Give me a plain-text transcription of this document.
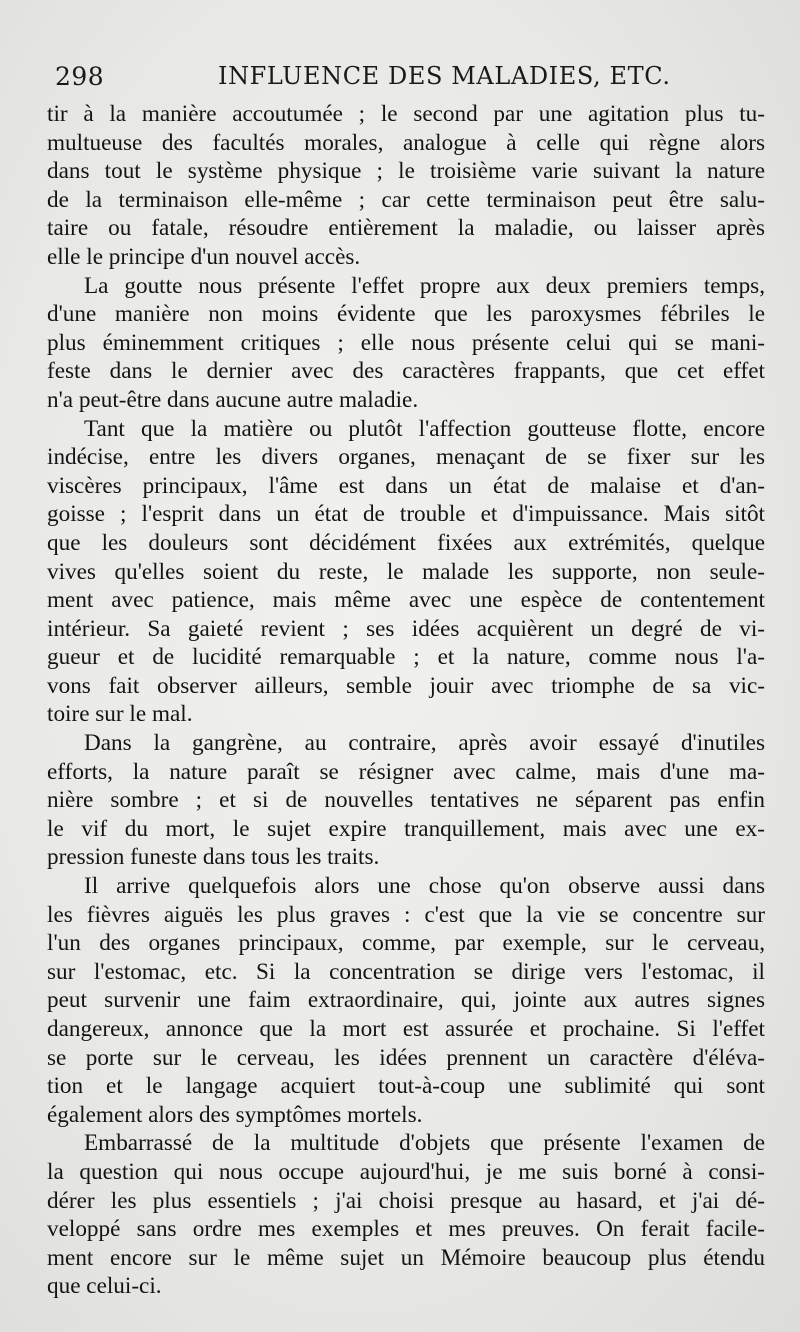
298	INFLUENCE DES MALADIES, ETC.
tir à la manière accoutumée ; le second par une agitation plus tu-
multueuse des facultés morales, analogue à celle qui règne alors
dans tout le système physique ; le troisième varie suivant la nature
de la terminaison elle-même ; car cette terminaison peut être salu-
taire ou fatale, résoudre entièrement la maladie, ou laisser après
elle le principe d'un nouvel accès.
La goutte nous présente l'effet propre aux deux premiers temps,
d'une manière non moins évidente que les paroxysmes fébriles le
plus éminemment critiques ; elle nous présente celui qui se mani-
feste dans le dernier avec des caractères frappants, que cet effet
n'a peut-être dans aucune autre maladie.
Tant que la matière ou plutôt l'affection goutteuse flotte, encore
indécise, entre les divers organes, menaçant de se fixer sur les
viscères principaux, l'âme est dans un état de malaise et d'an-
goisse ; l'esprit dans un état de trouble et d'impuissance. Mais sitôt
que les douleurs sont décidément fixées aux extrémités, quelque
vives qu'elles soient du reste, le malade les supporte, non seule-
ment avec patience, mais même avec une espèce de contentement
intérieur. Sa gaieté revient ; ses idées acquièrent un degré de vi-
gueur et de lucidité remarquable ; et la nature, comme nous l'a-
vons fait observer ailleurs, semble jouir avec triomphe de sa vic-
toire sur le mal.
Dans la gangrène, au contraire, après avoir essayé d'inutiles
efforts, la nature paraît se résigner avec calme, mais d'une ma-
nière sombre ; et si de nouvelles tentatives ne séparent pas enfin
le vif du mort, le sujet expire tranquillement, mais avec une ex-
pression funeste dans tous les traits.
Il arrive quelquefois alors une chose qu'on observe aussi dans
les fièvres aiguës les plus graves : c'est que la vie se concentre sur
l'un des organes principaux, comme, par exemple, sur le cerveau,
sur l'estomac, etc. Si la concentration se dirige vers l'estomac, il
peut survenir une faim extraordinaire, qui, jointe aux autres signes
dangereux, annonce que la mort est assurée et prochaine. Si l'effet
se porte sur le cerveau, les idées prennent un caractère d'éléva-
tion et le langage acquiert tout-à-coup une sublimité qui sont
également alors des symptômes mortels.
Embarrassé de la multitude d'objets que présente l'examen de
la question qui nous occupe aujourd'hui, je me suis borné à consi-
dérer les plus essentiels ; j'ai choisi presque au hasard, et j'ai dé-
veloppé sans ordre mes exemples et mes preuves. On ferait facile-
ment encore sur le même sujet un Mémoire beaucoup plus étendu
que celui-ci.
